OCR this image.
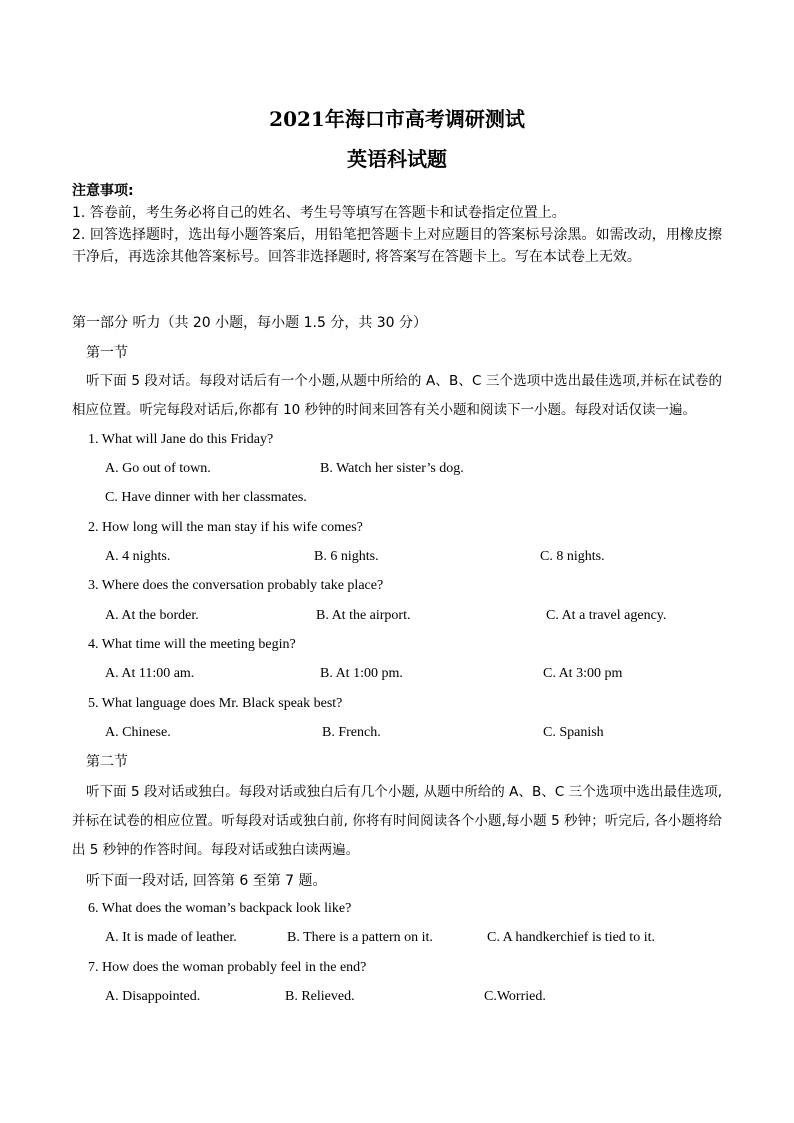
2021年海口市高考调研测试
英语科试题

注意事项:

1. 答卷前，考生务必将自己的姓名、考生号等填写在答题卡和试卷指定位置上。

2. 回答选择题时，选出每小题答案后，用铅笔把答题卡上对应题目的答案标号涂黑。如需改动，用橡皮擦干净后，再选涂其他答案标号。回答非选择题时, 将答案写在答题卡上。写在本试卷上无效。

第一部分 听力（共 20 小题，每小题 1.5 分，共 30 分）
第一节

听下面 5 段对话。每段对话后有一个小题,从题中所给的 A、B、C 三个选项中选出最佳选项,并标在试卷的相应位置。听完每段对话后,你都有 10 秒钟的时间来回答有关小题和阅读下一小题。每段对话仅读一遍。

1. What will Jane do this Friday?
A. Go out of town.	B. Watch her sister’s dog.
C. Have dinner with her classmates.
2. How long will the man stay if his wife comes?
A. 4 nights.	B. 6 nights.	C. 8 nights.
3. Where does the conversation probably take place?
A. At the border.	B. At the airport.	C. At a travel agency.
4. What time will the meeting begin?
A. At 11:00 am.	B. At 1:00 pm.	C. At 3:00 pm
5. What language does Mr. Black speak best?
A. Chinese.	B. French.	C. Spanish
第二节

听下面 5 段对话或独白。每段对话或独白后有几个小题, 从题中所给的 A、B、C 三个选项中选出最佳选项, 并标在试卷的相应位置。听每段对话或独白前, 你将有时间阅读各个小题,每小题 5 秒钟；听完后, 各小题将给出 5 秒钟的作答时间。每段对话或独白读两遍。

听下面一段对话, 回答第 6 至第 7 题。
6. What does the woman’s backpack look like?
A. It is made of leather.	B. There is a pattern on it.	C. A handkerchief is tied to it.
7. How does the woman probably feel in the end?
A. Disappointed.	B. Relieved.	C.Worried.
